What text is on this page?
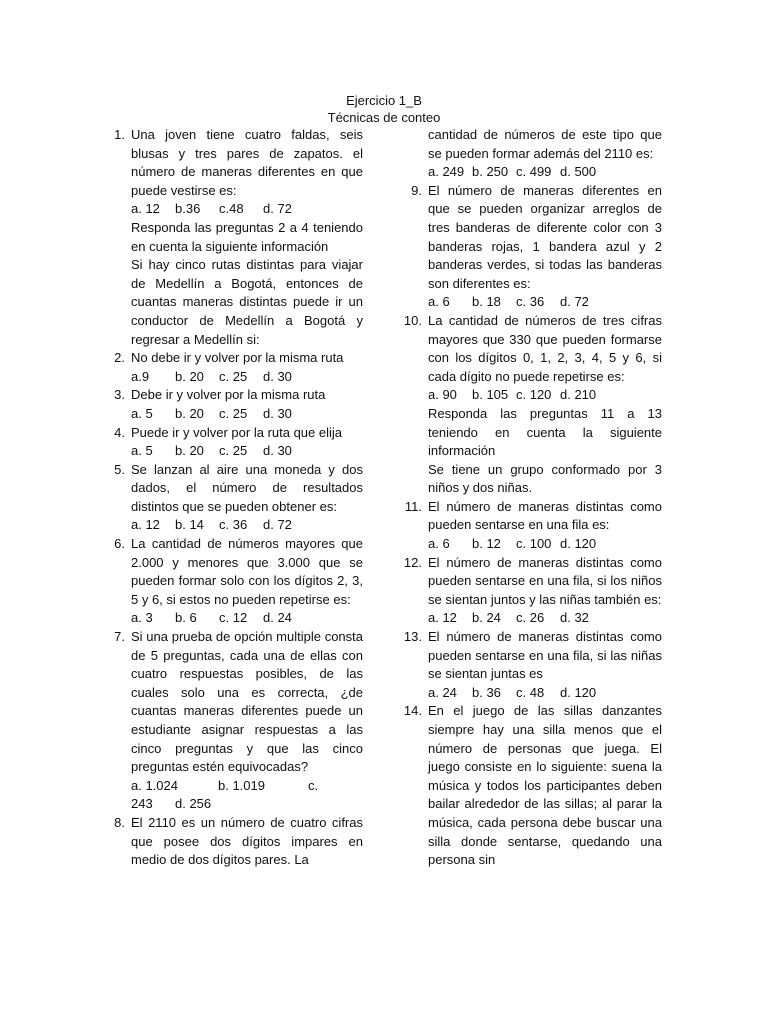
Ejercicio 1_B
Técnicas de conteo
1. Una joven tiene cuatro faldas, seis blusas y tres pares de zapatos. el número de maneras diferentes en que puede vestirse es:

a. 12 b.36 c.48 d. 72

Responda las preguntas 2 a 4 teniendo en cuenta la siguiente información

Si hay cinco rutas distintas para viajar de Medellín a Bogotá, entonces de cuantas maneras distintas puede ir un conductor de Medellín a Bogotá y regresar a Medellín si:

2. No debe ir y volver por la misma ruta

a.9 b. 20 c. 25 d. 30

3. Debe ir y volver por la misma ruta

a. 5 b. 20 c. 25 d. 30

4. Puede ir y volver por la ruta que elija

a. 5 b. 20 c. 25 d. 30

5. Se lanzan al aire una moneda y dos dados, el número de resultados distintos que se pueden obtener es:

a. 12 b. 14 c. 36 d. 72

6. La cantidad de números mayores que 2.000 y menores que 3.000 que se pueden formar solo con los dígitos 2, 3, 5 y 6, si estos no pueden repetirse es:

a. 3 b. 6 c. 12 d. 24

7. Si una prueba de opción multiple consta de 5 preguntas, cada una de ellas con cuatro respuestas posibles, de las cuales solo una es correcta, ¿de cuantas maneras diferentes puede un estudiante asignar respuestas a las cinco preguntas y que las cinco preguntas estén equivocadas?

a. 1.024	b. 1.019	c.

243 d. 256

8. El 2110 es un número de cuatro cifras que posee dos dígitos impares en medio de dos dígitos pares. La

cantidad de números de este tipo que se pueden formar además del 2110 es:

a. 249 b. 250 c. 499 d. 500

9. El número de maneras diferentes en que se pueden organizar arreglos de tres banderas de diferente color con 3 banderas rojas, 1 bandera azul y 2 banderas verdes, si todas las banderas son diferentes es:

a. 6 b. 18 c. 36 d. 72

10. La cantidad de números de tres cifras mayores que 330 que pueden formarse con los dígitos 0, 1, 2, 3, 4, 5 y 6, si cada dígito no puede repetirse es:

a. 90 b. 105 c. 120 d. 210

Responda las preguntas 11 a 13 teniendo en cuenta la siguiente información

Se tiene un grupo conformado por 3 niños y dos niñas.

11. El número de maneras distintas como pueden sentarse en una fila es:

a. 6 b. 12 c. 100 d. 120

12. El número de maneras distintas como pueden sentarse en una fila, si los niños se sientan juntos y las niñas también es:

a. 12 b. 24 c. 26 d. 32

13. El número de maneras distintas como pueden sentarse en una fila, si las niñas se sientan juntas es

a. 24 b. 36 c. 48 d. 120

14. En el juego de las sillas danzantes siempre hay una silla menos que el número de personas que juega. El juego consiste en lo siguiente: suena la música y todos los participantes deben bailar alrededor de las sillas; al parar la música, cada persona debe buscar una silla donde sentarse, quedando una persona sin
